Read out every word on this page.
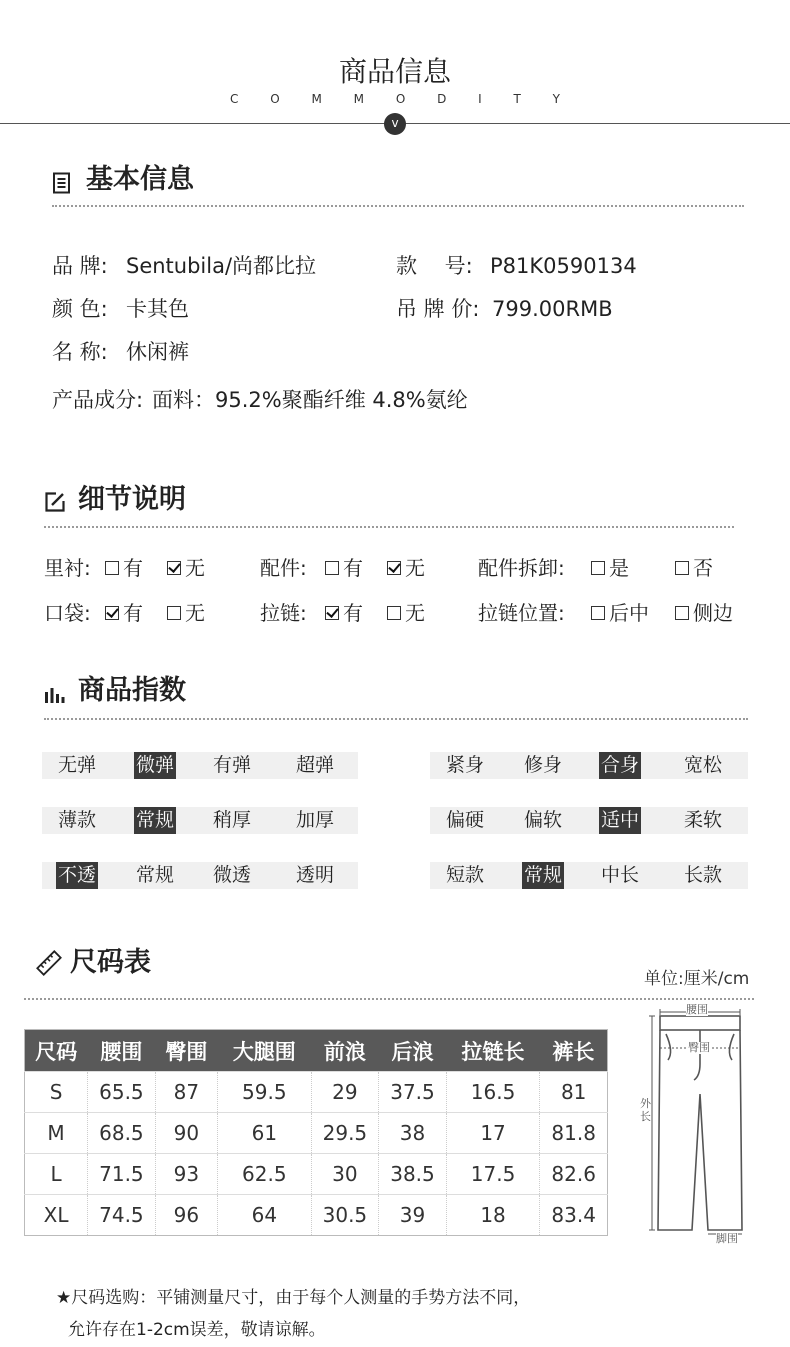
商品信息
C O M M O D I T Y
v
基本信息
品 牌: Sentubila/尚都比拉	款　 号: P81K0590134
颜 色: 卡其色	吊 牌 价: 799.00RMB
名 称: 休闲裤
产品成分: 面料：95.2%聚酯纤维 4.8%氨纶
细节说明
里衬: 有 无	配件: 有 无	配件拆卸: 是	否
口袋: 有 无	拉链: 有 无	拉链位置: 后中 侧边
商品指数
无弹 微弹 有弹 超弹	紧身 修身 合身 宽松
薄款 常规 稍厚 加厚	偏硬 偏软 适中 柔软
不透 常规 微透 透明	短款 常规 中长 长款
尺码表
单位:厘米/cm
尺码	腰围	臀围	大腿围	前浪	后浪	拉链长	裤长
S	65.5	87	59.5	29	37.5	16.5	81
M	68.5	90	61	29.5	38	17	81.8
L	71.5	93	62.5	30	38.5	17.5	82.6
XL	74.5	96	64	30.5	39	18	83.4
腰围
臀围
外
长
脚围
★尺码选购：平铺测量尺寸，由于每个人测量的手势方法不同，
允许存在1-2cm误差，敬请谅解。
